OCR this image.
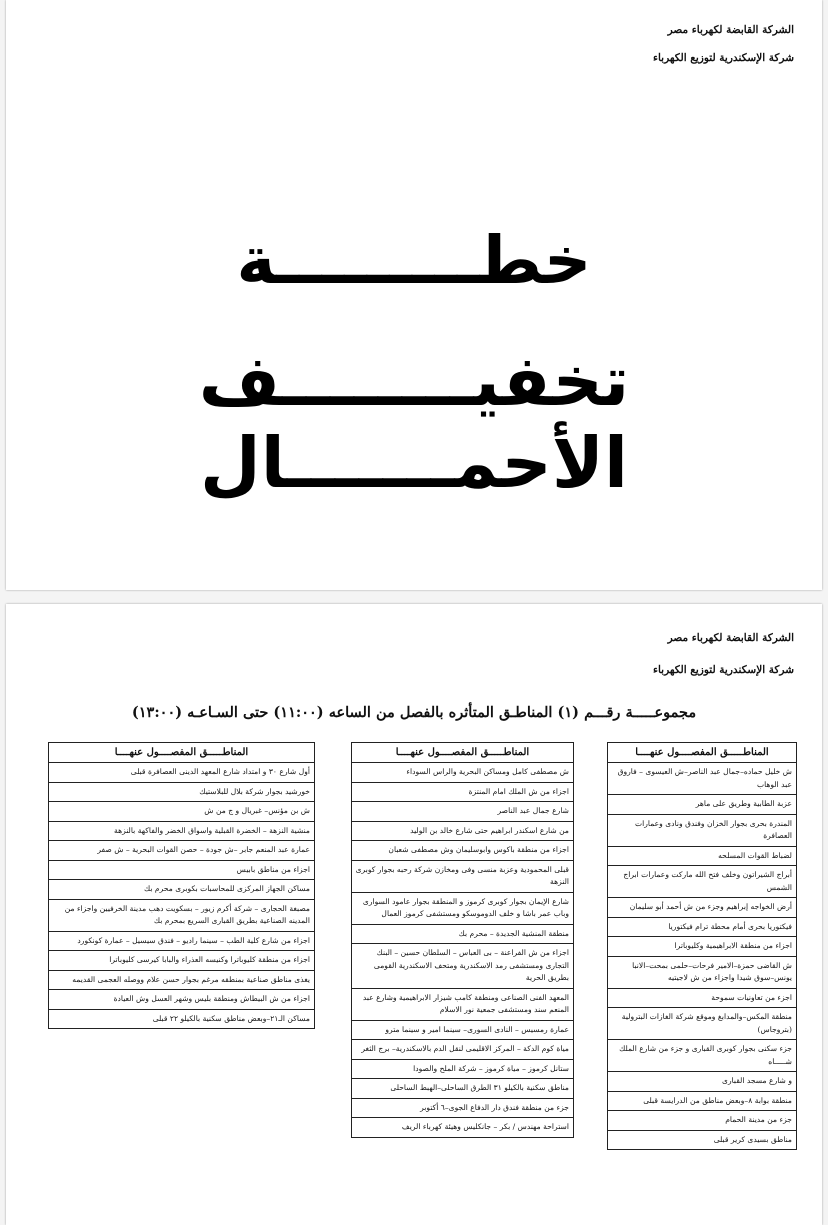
الشركة القابضة لكهرباء مصر
شركة الإسكندرية لتوزيع الكهرباء
خطـــــــــة
تخفيــــــــف الأحمـــــــال
الشركة القابضة لكهرباء مصر
شركة الإسكندرية لتوزيع الكهرباء
مجموعـــــة رقـــم (١) المناطـق المتأثره بالفصل من الساعه (١١:٠٠) حتى السـاعـه (١٣:٠٠)
المناطـــــق المفصــــول عنهــــا
ش خليل حماده–جمال عبد الناصر–ش العيسوى – فاروق عبد الوهاب
عزبة الطابية وطريق على ماهر
المندرة بحرى بجوار الخزان وفندق ونادى وعمارات العصافرة
لضباط القوات المسلحه
أبراج الشيراتون وخلف فتح الله ماركت وعمارات ابراج الشمس
أرض الخواجه إبراهيم وجزء من ش أحمد أبو سليمان
فيكتوريا بحرى أمام محطة ترام فيكتوريا
اجزاء من منطقة الابراهيمية وكليوباترا
ش القاضى حمزة–الامير فرحات–حلمى بمحت–الانبا يونس–سوق شيدا واجزاء من ش لاجيتيه
اجزء من تعاونيات سموحة
منطقة المكس–والمدابغ وموقع شركة الغازات البترولية (بتروجاس)
جزء سكنى بجوار كوبرى القبارى و جزء من شارع الملك شـــــاه
و شارع مسجد القبارى
منطقة بوابة ٨–وبعض مناطق من الدرايسة قبلى
جزء من مدينة الحمام
مناطق بسيدى كرير قبلى
المناطـــــق المفصــــول عنهــــا
ش مصطفى كامل ومساكن البحرية والراس السوداء
اجزاء من ش الملك امام المنتزة
شارع جمال عبد الناصر
من شارع اسكندر ابراهيم حتى شارع خالد بن الوليد
اجزاء من منطقة باكوس وابوسليمان وش مصطفى شعبان
قبلى المحمودية وعزبة منسى وفى ومخازن شركة رحبه بجوار كوبرى النزهة
شارع الإيمان بجوار كوبرى كرموز و المنطقة بجوار عامود السوارى وباب عمر باشا و خلف الدوموسكو ومستشفى كرموز العمال
منطقة المنشية الجديدة – محرم بك
اجزاء من ش الفراعنة – بى العباس – السلطان حسين – البنك التجارى ومستشفى رمد الاسكندرية ومتحف الاسكندرية القومى بطريق الحرية
المعهد الفنى الصناعى ومنطقة كامب شيزار الابراهيمية وشارع عبد المنعم سند ومستشفى جمعية نور الاسلام
عمارة رمسيس – النادى السورى– سينما امير و سينما مترو
مياة كوم الدكة – المركز الاقليمى لنقل الدم بالاسكندرية– برج الثغر
ستانل كرموز – مياة كرموز – شركة الملح والصودا
مناطق سكنية بالكيلو ٣١ الطرق الساحلى–الهبط الساحلى
جزء من منطقة فندق دار الدفاع الجوى–٦ أكتوبر
استراحة مهندس / بكر – جانكليس وهيئة كهرباء الريف
المناطـــــق المفصــــول عنهــــا
أول شارع ٣٠ و امتداد شارع المعهد الدينى العصافرة قبلى
خورشيد بجوار شركة بلال للبلاستيك
ش بن مؤنس– غبريال و ج من ش
منشية النزهة – الخضرة القبلية واسواق الخضر والفاكهة بالنزهة
عمارة عبد المنعم جابر –ش جودة – حصن القوات البحرية – ش صفر
اجزاء من مناطق بابيس
مساكن الجهاز المركزى للمحاسبات بكوبرى محرم بك
مصبغة الحجارى – شركة أكرم زيور – بسكويت دهب مدينة الخرفيين واجزاء من المدينه الصناعية بطريق القبارى السريع بمحرم بك
اجزاء من شارع كلية الطب – سينما راديو – فندق سيسيل – عمارة كونكورد
اجزاء من منطقة كليوباترا وكنيسه العذراء والبابا كيرسى كليوباترا
يغذى مناطق صناعية بمنطقه مرغم بجوار حسن علام ووصله العجمى القديمه
اجزاء من ش البيطاش ومنطقة بليس وشهر العسل وش العيادة
مساكن الـ٢١–وبعض مناطق سكنية بالكيلو ٢٢ قبلى
